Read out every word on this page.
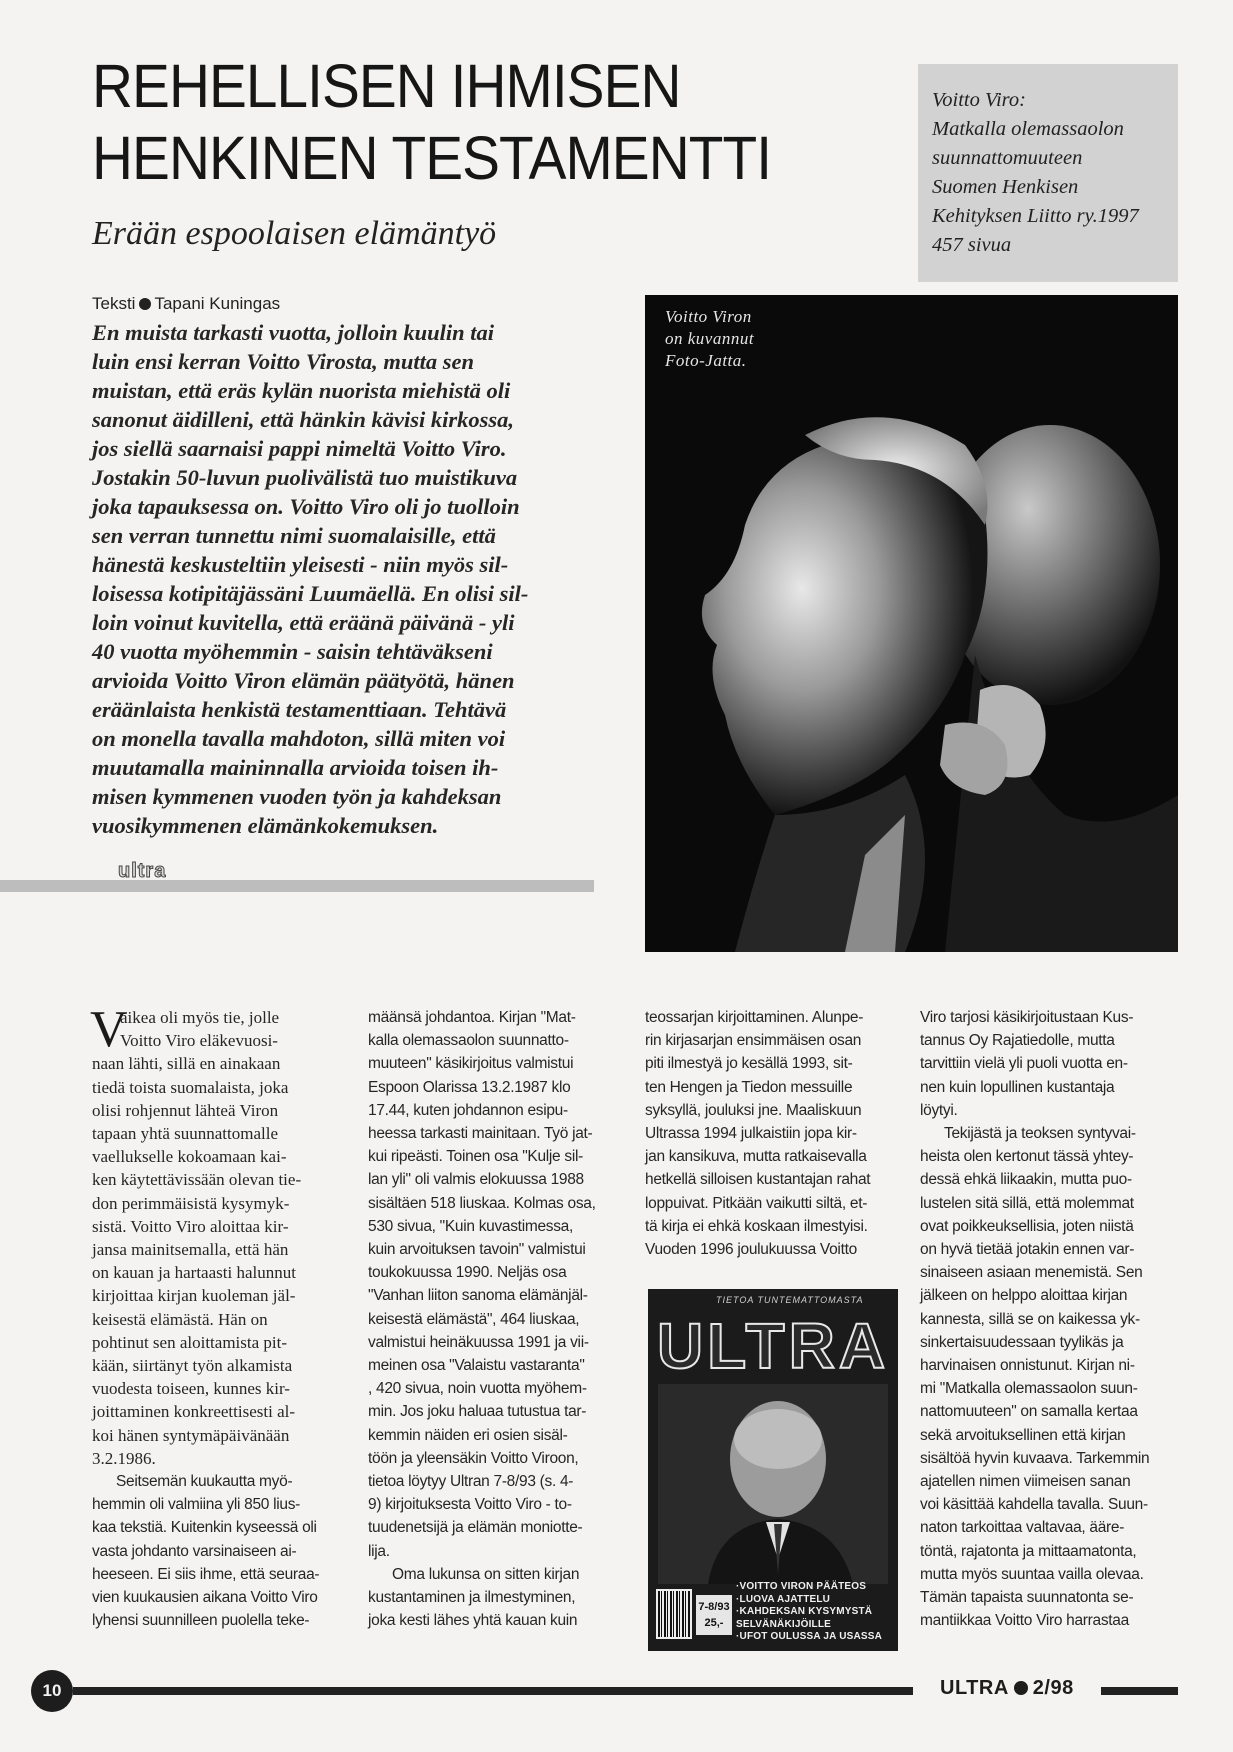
REHELLISEN IHMISEN
HENKINEN TESTAMENTTI
Erään espoolaisen elämäntyö
Voitto Viro:
Matkalla olemassaolon
suunnattomuuteen
Suomen Henkisen
Kehityksen Liitto ry.1997
457 sivua
Teksti Tapani Kuningas
En muista tarkasti vuotta, jolloin kuulin tai
luin ensi kerran Voitto Virosta, mutta sen
muistan, että eräs kylän nuorista miehistä oli
sanonut äidilleni, että hänkin kävisi kirkossa,
jos siellä saarnaisi pappi nimeltä Voitto Viro.
Jostakin 50-luvun puolivälistä tuo muistikuva
joka tapauksessa on. Voitto Viro oli jo tuolloin
sen verran tunnettu nimi suomalaisille, että
hänestä keskusteltiin yleisesti - niin myös sil-
loisessa kotipitäjässäni Luumäellä. En olisi sil-
loin voinut kuvitella, että eräänä päivänä - yli
40 vuotta myöhemmin - saisin tehtäväkseni
arvioida Voitto Viron elämän päätyötä, hänen
eräänlaista henkistä testamenttiaan. Tehtävä
on monella tavalla mahdoton, sillä miten voi
muutamalla maininnalla arvioida toisen ih-
misen kymmenen vuoden työn ja kahdeksan
vuosikymmenen elämänkokemuksen.
ultra
Voitto Viron
on kuvannut
Foto-Jatta.
V
aikea oli myös tie, jolle
Voitto Viro eläkevuosi-
naan lähti, sillä en ainakaan
tiedä toista suomalaista, joka
olisi rohjennut lähteä Viron
tapaan yhtä suunnattomalle
vaellukselle kokoamaan kai-
ken käytettävissään olevan tie-
don perimmäisistä kysymyk-
sistä. Voitto Viro aloittaa kir-
jansa mainitsemalla, että hän
on kauan ja hartaasti halunnut
kirjoittaa kirjan kuoleman jäl-
keisestä elämästä. Hän on
pohtinut sen aloittamista pit-
kään, siirtänyt työn alkamista
vuodesta toiseen, kunnes kir-
joittaminen konkreettisesti al-
koi hänen syntymäpäivänään
3.2.1986.
Seitsemän kuukautta myö-
hemmin oli valmiina yli 850 lius-
kaa tekstiä. Kuitenkin kyseessä oli
vasta johdanto varsinaiseen ai-
heeseen. Ei siis ihme, että seuraa-
vien kuukausien aikana Voitto Viro
lyhensi suunnilleen puolella teke-
määnsä johdantoa. Kirjan "Mat-
kalla olemassaolon suunnatto-
muuteen" käsikirjoitus valmistui
Espoon Olarissa 13.2.1987 klo
17.44, kuten johdannon esipu-
heessa tarkasti mainitaan. Työ jat-
kui ripeästi. Toinen osa "Kulje sil-
lan yli" oli valmis elokuussa 1988
sisältäen 518 liuskaa. Kolmas osa,
530 sivua, "Kuin kuvastimessa,
kuin arvoituksen tavoin" valmistui
toukokuussa 1990. Neljäs osa
"Vanhan liiton sanoma elämänjäl-
keisestä elämästä", 464 liuskaa,
valmistui heinäkuussa 1991 ja vii-
meinen osa "Valaistu vastaranta"
, 420 sivua, noin vuotta myöhem-
min. Jos joku haluaa tutustua tar-
kemmin näiden eri osien sisäl-
töön ja yleensäkin Voitto Viroon,
tietoa löytyy Ultran 7-8/93 (s. 4-
9) kirjoituksesta Voitto Viro - to-
tuudenetsijä ja elämän moniotte-
lija.
Oma lukunsa on sitten kirjan
kustantaminen ja ilmestyminen,
joka kesti lähes yhtä kauan kuin
teossarjan kirjoittaminen. Alunpe-
rin kirjasarjan ensimmäisen osan
piti ilmestyä jo kesällä 1993, sit-
ten Hengen ja Tiedon messuille
syksyllä, jouluksi jne. Maaliskuun
Ultrassa 1994 julkaistiin jopa kir-
jan kansikuva, mutta ratkaisevalla
hetkellä silloisen kustantajan rahat
loppuivat. Pitkään vaikutti siltä, et-
tä kirja ei ehkä koskaan ilmestyisi.
Vuoden 1996 joulukuussa Voitto
TIETOA TUNTEMATTOMASTA
ULTRA
7-8/93
25,-
·VOITTO VIRON PÄÄTEOS
·LUOVA AJATTELU
·KAHDEKSAN KYSYMYSTÄ
SELVÄNÄKIJÖILLE
·UFOT OULUSSA JA USASSA
Viro tarjosi käsikirjoitustaan Kus-
tannus Oy Rajatiedolle, mutta
tarvittiin vielä yli puoli vuotta en-
nen kuin lopullinen kustantaja
löytyi.
Tekijästä ja teoksen syntyvai-
heista olen kertonut tässä yhtey-
dessä ehkä liikaakin, mutta puo-
lustelen sitä sillä, että molemmat
ovat poikkeuksellisia, joten niistä
on hyvä tietää jotakin ennen var-
sinaiseen asiaan menemistä. Sen
jälkeen on helppo aloittaa kirjan
kannesta, sillä se on kaikessa yk-
sinkertaisuudessaan tyylikäs ja
harvinaisen onnistunut. Kirjan ni-
mi "Matkalla olemassaolon suun-
nattomuuteen" on samalla kertaa
sekä arvoituksellinen että kirjan
sisältöä hyvin kuvaava. Tarkemmin
ajatellen nimen viimeisen sanan
voi käsittää kahdella tavalla. Suun-
naton tarkoittaa valtavaa, ääre-
töntä, rajatonta ja mittaamatonta,
mutta myös suuntaa vailla olevaa.
Tämän tapaista suunnatonta se-
mantiikkaa Voitto Viro harrastaa
10	ULTRA 2/98
